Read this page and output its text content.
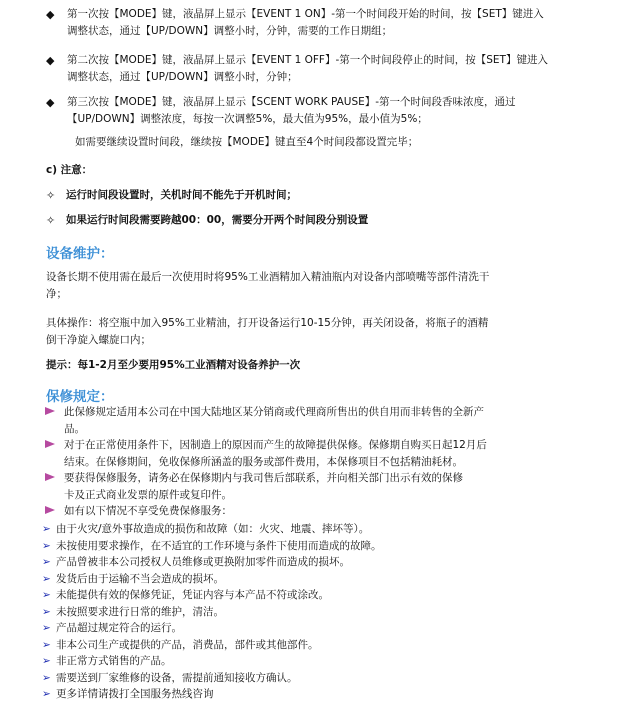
◆ 第一次按【MODE】键，液晶屏上显示【EVENT 1 ON】-第一个时间段开始的时间，按【SET】键进入
调整状态，通过【UP/DOWN】调整小时，分钟，需要的工作日期组；
◆ 第二次按【MODE】键，液晶屏上显示【EVENT 1 OFF】-第一个时间段停止的时间，按【SET】键进入
调整状态，通过【UP/DOWN】调整小时，分钟；
◆ 第三次按【MODE】键，液晶屏上显示【SCENT WORK PAUSE】-第一个时间段香味浓度，通过
【UP/DOWN】调整浓度，每按一次调整5%，最大值为95%，最小值为5%；
如需要继续设置时间段，继续按【MODE】键直至4个时间段都设置完毕；
c) 注意：
✧ 运行时间段设置时，关机时间不能先于开机时间；
✧ 如果运行时间段需要跨越00：00，需要分开两个时间段分别设置
设备维护：
设备长期不使用需在最后一次使用时将95%工业酒精加入精油瓶内对设备内部喷嘴等部件清洗干
净；
具体操作：将空瓶中加入95%工业精油，打开设备运行10-15分钟，再关闭设备，将瓶子的酒精
倒干净旋入螺旋口内；
提示：每1-2月至少要用95%工业酒精对设备养护一次
保修规定：
此保修规定适用本公司在中国大陆地区某分销商或代理商所售出的供自用而非转售的全新产
品。
对于在正常使用条件下，因制造上的原因而产生的故障提供保修。保修期自购买日起12月后
结束。在保修期间，免收保修所涵盖的服务或部件费用，本保修项目不包括精油耗材。
要获得保修服务，请务必在保修期内与我司售后部联系，并向相关部门出示有效的保修
卡及正式商业发票的原件或复印件。
如有以下情况不享受免费保修服务：
➢ 由于火灾/意外事故造成的损伤和故障（如：火灾、地震、摔坏等）。
➢ 未按使用要求操作，在不适宜的工作环境与条件下使用而造成的故障。
➢ 产品曾被非本公司授权人员维修或更换附加零件而造成的损坏。
➢ 发货后由于运输不当会造成的损坏。
➢ 未能提供有效的保修凭证，凭证内容与本产品不符或涂改。
➢ 未按照要求进行日常的维护，清洁。
➢ 产品超过规定符合的运行。
➢ 非本公司生产或提供的产品，消费品，部件或其他部件。
➢ 非正常方式销售的产品。
➢ 需要送到厂家维修的设备，需提前通知接收方确认。
➢ 更多详情请拨打全国服务热线咨询
